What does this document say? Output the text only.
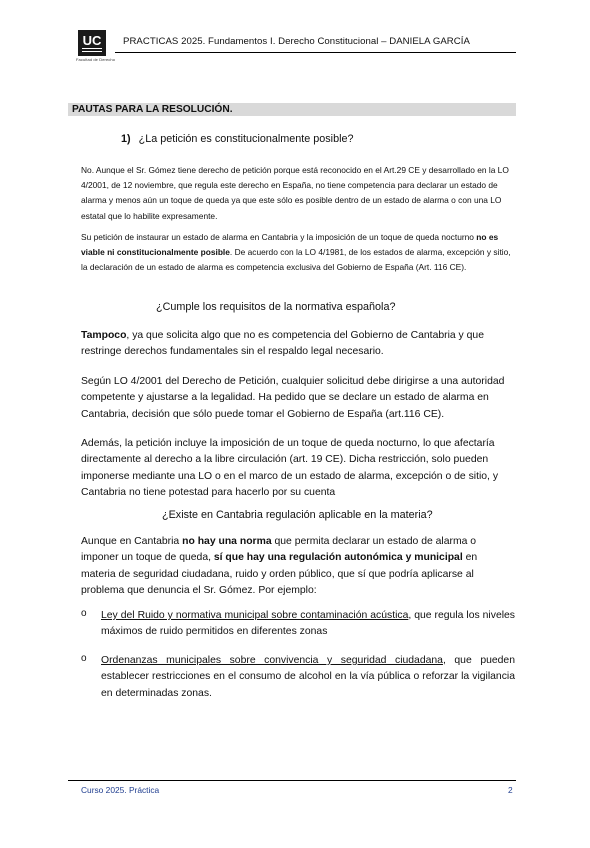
UC
Facultad de Derecho
PRACTICAS 2025. Fundamentos I. Derecho Constitucional – DANIELA GARCÍA
PAUTAS PARA LA RESOLUCIÓN.
1) ¿La petición es constitucionalmente posible?

No. Aunque el Sr. Gómez tiene derecho de petición porque está reconocido en el Art.29 CE y desarrollado en la LO 4/2001, de 12 noviembre, que regula este derecho en España, no tiene competencia para declarar un estado de alarma y menos aún un toque de queda ya que este sólo es posible dentro de un estado de alarma o con una LO estatal que lo habilite expresamente.

Su petición de instaurar un estado de alarma en Cantabria y la imposición de un toque de queda nocturno no es viable ni constitucionalmente posible. De acuerdo con la LO 4/1981, de los estados de alarma, excepción y sitio, la declaración de un estado de alarma es competencia exclusiva del Gobierno de España (Art. 116 CE).

¿Cumple los requisitos de la normativa española?

Tampoco, ya que solicita algo que no es competencia del Gobierno de Cantabria y que restringe derechos fundamentales sin el respaldo legal necesario.

Según LO 4/2001 del Derecho de Petición, cualquier solicitud debe dirigirse a una autoridad competente y ajustarse a la legalidad. Ha pedido que se declare un estado de alarma en Cantabria, decisión que sólo puede tomar el Gobierno de España (art.116 CE).

Además, la petición incluye la imposición de un toque de queda nocturno, lo que afectaría directamente al derecho a la libre circulación (art. 19 CE). Dicha restricción, solo pueden imponerse mediante una LO o en el marco de un estado de alarma, excepción o de sitio, y Cantabria no tiene potestad para hacerlo por su cuenta

¿Existe en Cantabria regulación aplicable en la materia?

Aunque en Cantabria no hay una norma que permita declarar un estado de alarma o imponer un toque de queda, sí que hay una regulación autonómica y municipal en materia de seguridad ciudadana, ruido y orden público, que sí que podría aplicarse al problema que denuncia el Sr. Gómez. Por ejemplo:

o Ley del Ruido y normativa municipal sobre contaminación acústica, que regula los niveles máximos de ruido permitidos en diferentes zonas
o Ordenanzas municipales sobre convivencia y seguridad ciudadana, que pueden establecer restricciones en el consumo de alcohol en la vía pública o reforzar la vigilancia en determinadas zonas.
Curso 2025. Práctica	2
